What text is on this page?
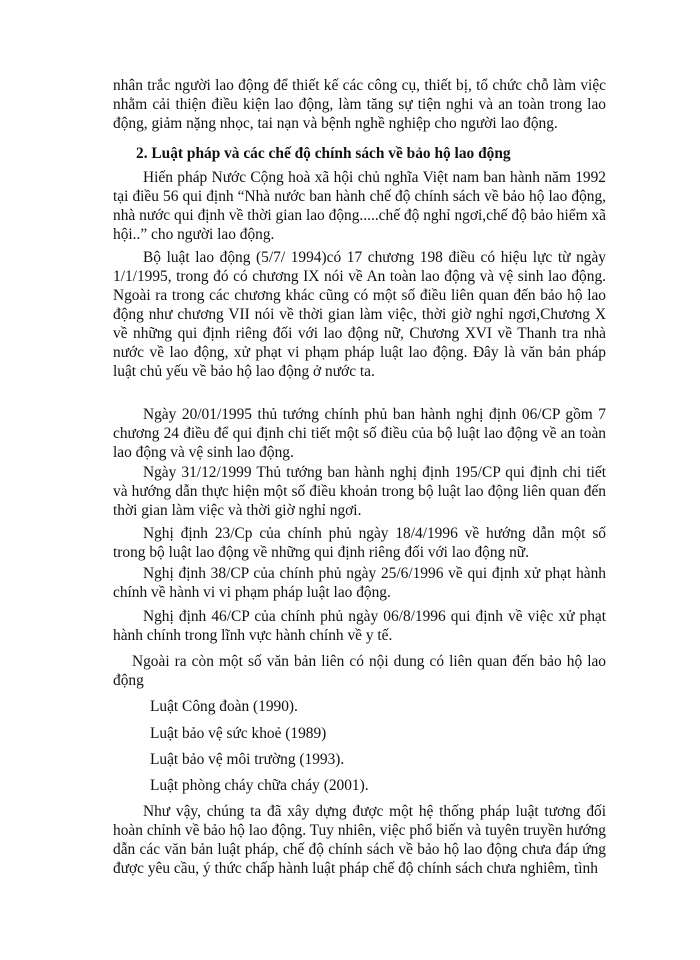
nhân trắc người lao động để thiết kế các công cụ, thiết bị, tổ chức chỗ làm việc nhằm cải thiện điều kiện lao động, làm tăng sự tiện nghi và an toàn trong lao động, giảm nặng nhọc, tai nạn và bệnh nghề nghiệp cho người lao động.

2. Luật pháp và các chế độ chính sách về bảo hộ lao động

Hiến pháp Nước Cộng hoà xã hội chủ nghĩa Việt nam ban hành năm 1992 tại điều 56 qui định “Nhà nước ban hành chế độ chính sách về bảo hộ lao động, nhà nước qui định về thời gian lao động.....chế độ nghỉ ngơi,chế độ bảo hiểm xã hội..” cho người lao động.

Bộ luật lao động (5/7/ 1994)có 17 chương 198 điều có hiệu lực từ ngày 1/1/1995, trong đó có chương IX nói về An toàn lao động và vệ sinh lao động. Ngoài ra trong các chương khác cũng có một số điều liên quan đến bảo hộ lao động như chương VII nói về thời gian làm việc, thời giờ nghỉ ngơi,Chương X về những qui định riêng đối với lao động nữ, Chương XVI về Thanh tra nhà nước về lao động, xử phạt vi phạm pháp luật lao động. Đây là văn bản pháp luật chủ yếu về bảo hộ lao động ở nước ta.

Ngày 20/01/1995 thủ tướng chính phủ ban hành nghị định 06/CP gồm 7 chương 24 điều để qui định chi tiết một số điều của bộ luật lao động về an toàn lao động và vệ sinh lao động.

Ngày 31/12/1999 Thủ tướng ban hành nghị định 195/CP qui định chi tiết và hướng dẫn thực hiện một số điều khoản trong bộ luật lao động liên quan đến thời gian làm việc và thời giờ nghỉ ngơi.

Nghị định 23/Cp của chính phủ ngày 18/4/1996 về hướng dẫn một số trong bộ luật lao động về những qui định riêng đối với lao động nữ.

Nghị định 38/CP của chính phủ ngày 25/6/1996 về qui định xử phạt hành chính về hành vi vi phạm pháp luật lao động.

Nghị định 46/CP của chính phủ ngày 06/8/1996 qui định về việc xử phạt hành chính trong lĩnh vực hành chính về y tế.

Ngoài ra còn một số văn bản liên có nội dung có liên quan đến bảo hộ lao động

Luật Công đoàn (1990).

Luật bảo vệ sức khoẻ (1989)

Luật bảo vệ môi trường (1993).

Luật phòng cháy chữa cháy (2001).

Như vậy, chúng ta đã xây dựng được một hệ thống pháp luật tương đối hoàn chỉnh về bảo hộ lao động. Tuy nhiên, việc phổ biến và tuyên truyền hướng dẫn các văn bản luật pháp, chế độ chính sách về bảo hộ lao động chưa đáp ứng được yêu cầu, ý thức chấp hành luật pháp chế độ chính sách chưa nghiêm, tình
